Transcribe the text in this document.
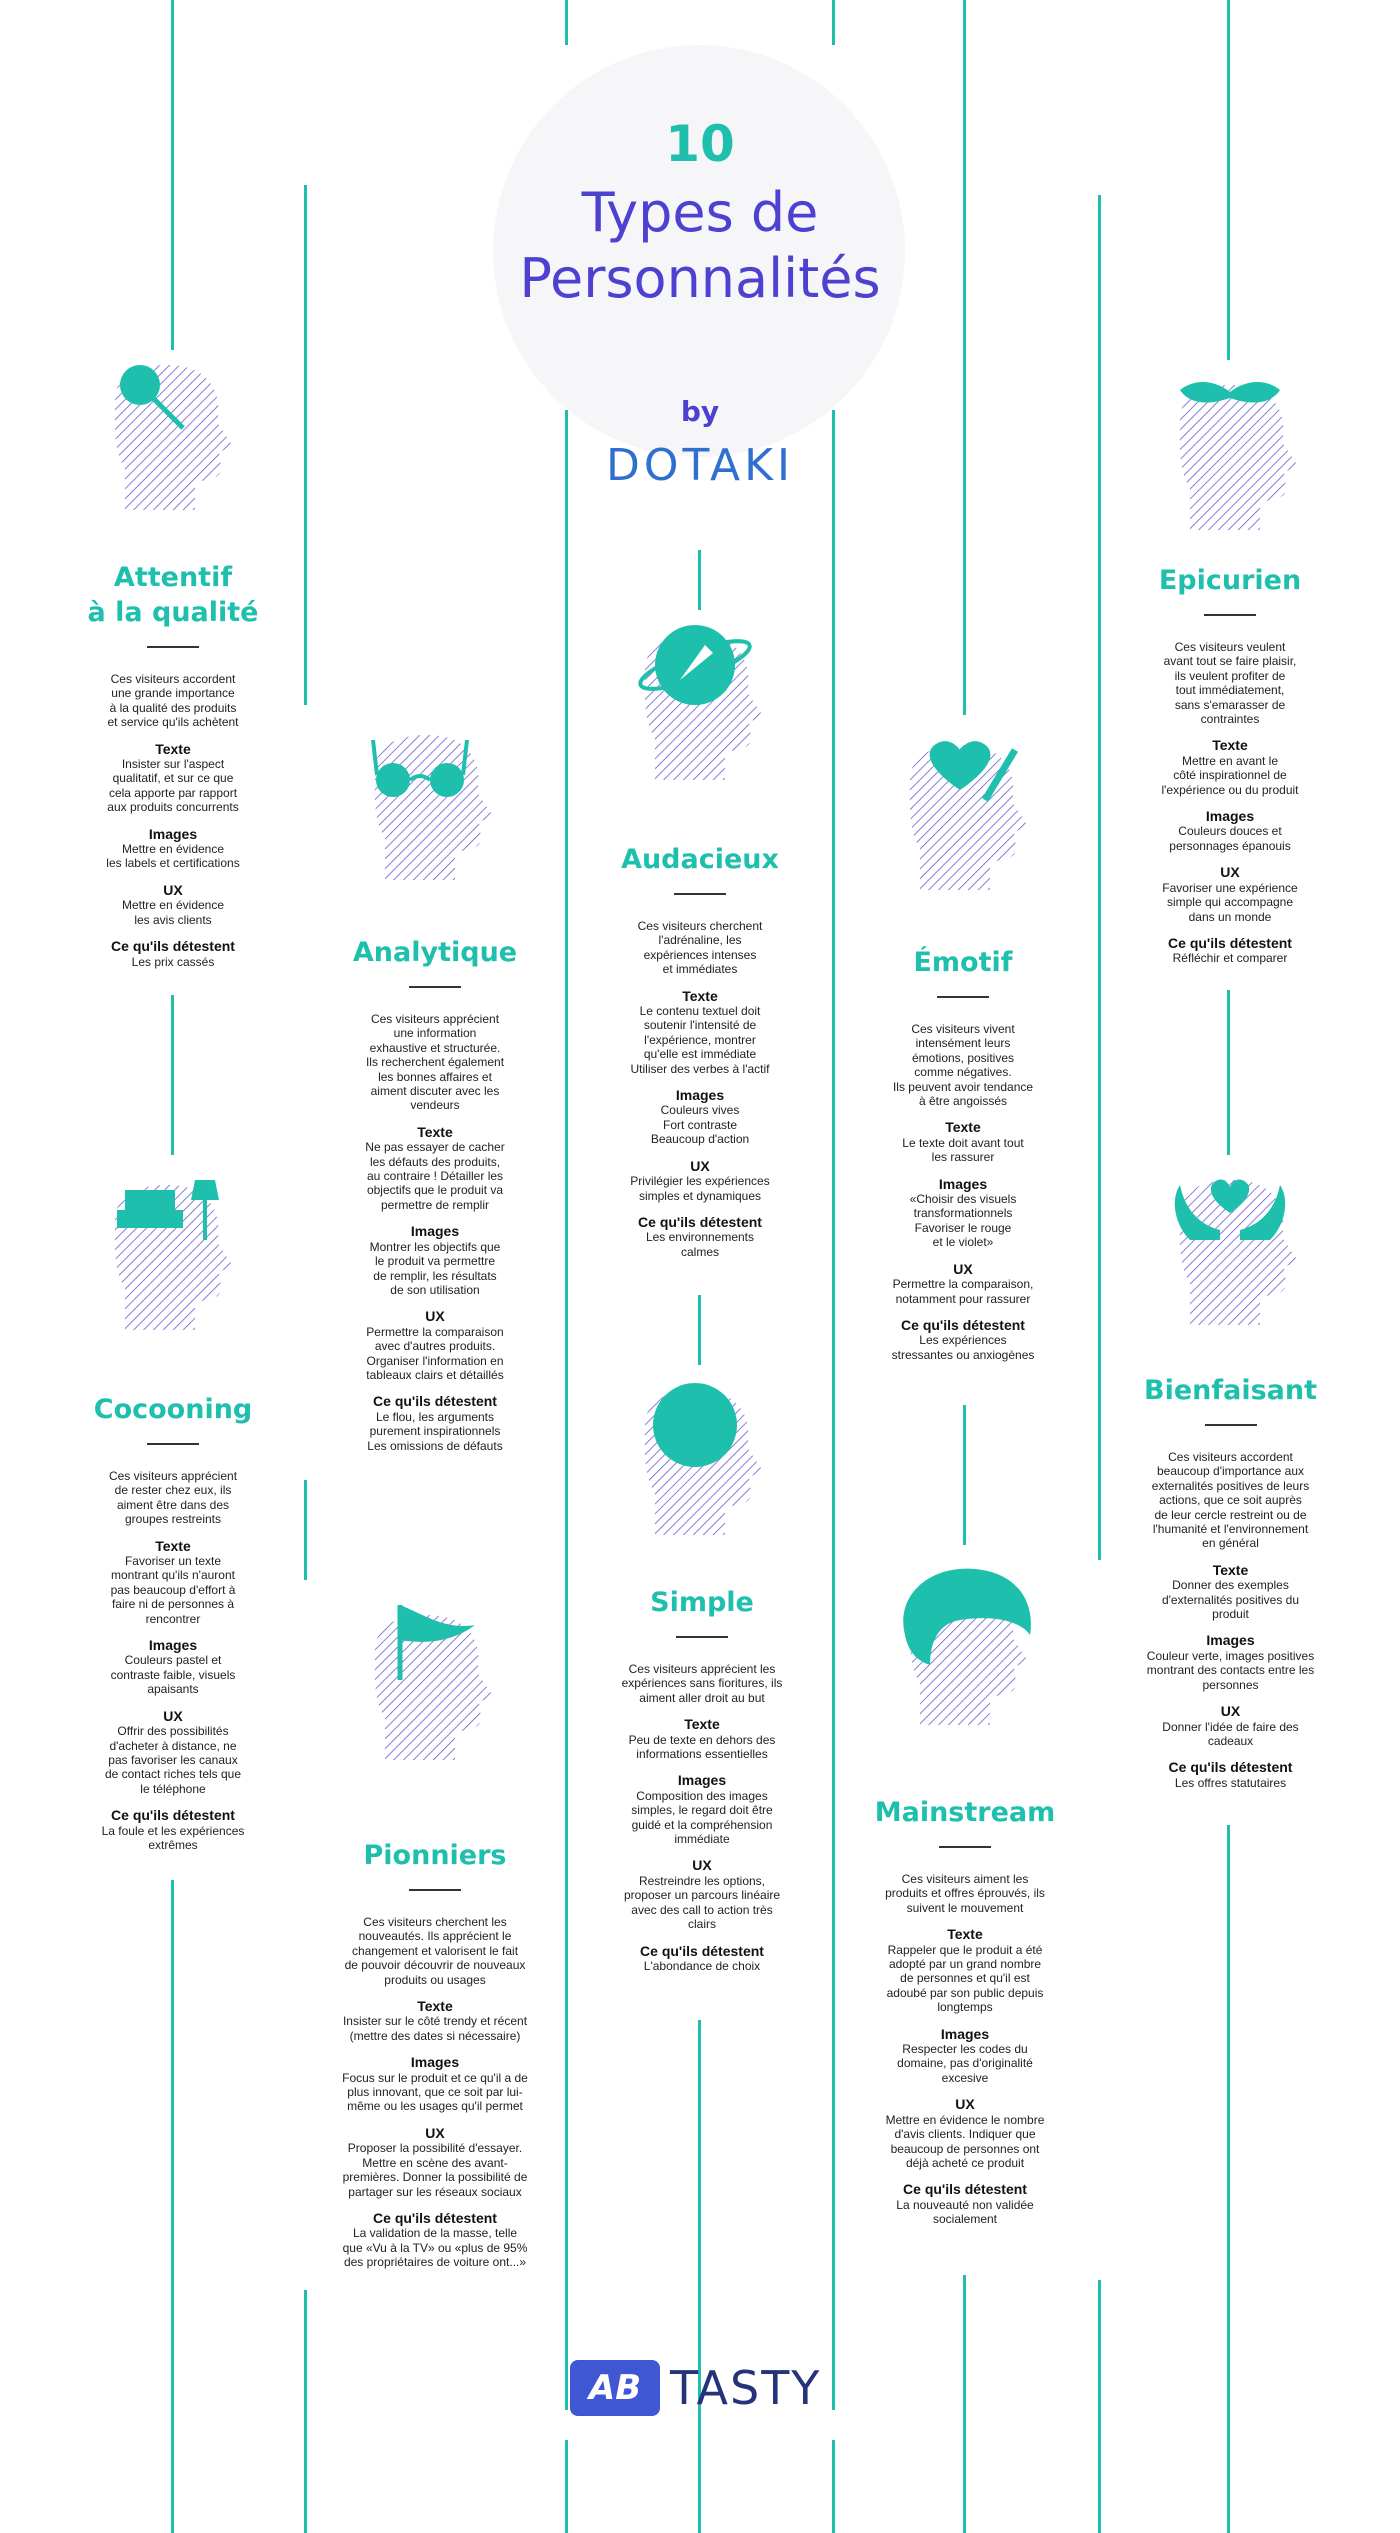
10
Types de
Personnalités
by
DOTAKI
Attentif
à la qualité

Ces visiteurs accordent
une grande importance
à la qualité des produits
et service qu'ils achètent

Texte

Insister sur l'aspect
qualitatif, et sur ce que
cela apporte par rapport
aux produits concurrents

Images

Mettre en évidence
les labels et certifications

UX

Mettre en évidence
les avis clients

Ce qu'ils détestent

Les prix cassés	Analytique

Ces visiteurs apprécient
une information
exhaustive et structurée.
Ils recherchent également
les bonnes affaires et
aiment discuter avec les
vendeurs

Texte

Ne pas essayer de cacher
les défauts des produits,
au contraire ! Détailler les
objectifs que le produit va
permettre de remplir

Images

Montrer les objectifs que
le produit va permettre
de remplir, les résultats
de son utilisation

UX

Permettre la comparaison
avec d'autres produits.
Organiser l'information en
tableaux clairs et détaillés

Ce qu'ils détestent

Le flou, les arguments
purement inspirationnels
Les omissions de défauts

Audacieux

Ces visiteurs cherchent
l'adrénaline, les
expériences intenses
et immédiates

Texte

Le contenu textuel doit
soutenir l'intensité de
l'expérience, montrer
qu'elle est immédiate
Utiliser des verbes à l'actif

Images

Couleurs vives
Fort contraste
Beaucoup d'action

UX

Privilégier les expériences
simples et dynamiques

Ce qu'ils détestent

Les environnements
calmes

Émotif

Ces visiteurs vivent
intensément leurs
émotions, positives
comme négatives.
Ils peuvent avoir tendance
à être angoissés

Texte

Le texte doit avant tout
les rassurer

Images

«Choisir des visuels
transformationnels
Favoriser le rouge
et le violet»

UX

Permettre la comparaison,
notamment pour rassurer

Ce qu'ils détestent

Les expériences
stressantes ou anxiogènes

Epicurien

Ces visiteurs veulent
avant tout se faire plaisir,
ils veulent profiter de
tout immédiatement,
sans s'emarasser de
contraintes

Texte

Mettre en avant le
côté inspirationnel de
l'expérience ou du produit

Images

Couleurs douces et
personnages épanouis

UX

Favoriser une expérience
simple qui accompagne
dans un monde

Ce qu'ils détestent

Réfléchir et comparer

Cocooning

Ces visiteurs apprécient
de rester chez eux, ils
aiment être dans des
groupes restreints

Texte

Favoriser un texte
montrant qu'ils n'auront
pas beaucoup d'effort à
faire ni de personnes à
rencontrer

Images

Couleurs pastel et
contraste faible, visuels
apaisants

UX

Offrir des possibilités
d'acheter à distance, ne
pas favoriser les canaux
de contact riches tels que
le téléphone

Ce qu'ils détestent

La foule et les expériences
extrêmes	Pionniers

Ces visiteurs cherchent les
nouveautés. Ils apprécient le
changement et valorisent le fait
de pouvoir découvrir de nouveaux
produits ou usages

Texte

Insister sur le côté trendy et récent
(mettre des dates si nécessaire)

Images

Focus sur le produit et ce qu'il a de
plus innovant, que ce soit par lui-
même ou les usages qu'il permet

UX

Proposer la possibilité d'essayer.
Mettre en scène des avant-
premières. Donner la possibilité de
partager sur les réseaux sociaux

Ce qu'ils détestent

La validation de la masse, telle
que «Vu à la TV» ou «plus de 95%
des propriétaires de voiture ont...»

Simple

Ces visiteurs apprécient les
expériences sans fioritures, ils
aiment aller droit au but

Texte

Peu de texte en dehors des
informations essentielles

Images

Composition des images
simples, le regard doit être
guidé et la compréhension
immédiate

UX

Restreindre les options,
proposer un parcours linéaire
avec des call to action très
clairs

Ce qu'ils détestent

L'abondance de choix

Mainstream

Ces visiteurs aiment les
produits et offres éprouvés, ils
suivent le mouvement

Texte

Rappeler que le produit a été
adopté par un grand nombre
de personnes et qu'il est
adoubé par son public depuis
longtemps

Images

Respecter les codes du
domaine, pas d'originalité
excesive

UX

Mettre en évidence le nombre
d'avis clients. Indiquer que
beaucoup de personnes ont
déjà acheté ce produit

Ce qu'ils détestent

La nouveauté non validée
socialement

Bienfaisant

Ces visiteurs accordent
beaucoup d'importance aux
externalités positives de leurs
actions, que ce soit auprès
de leur cercle restreint ou de
l'humanité et l'environnement
en général

Texte

Donner des exemples
d'externalités positives du
produit

Images

Couleur verte, images positives
montrant des contacts entre les
personnes

UX

Donner l'idée de faire des
cadeaux

Ce qu'ils détestent

Les offres statutaires

AB TASTY
